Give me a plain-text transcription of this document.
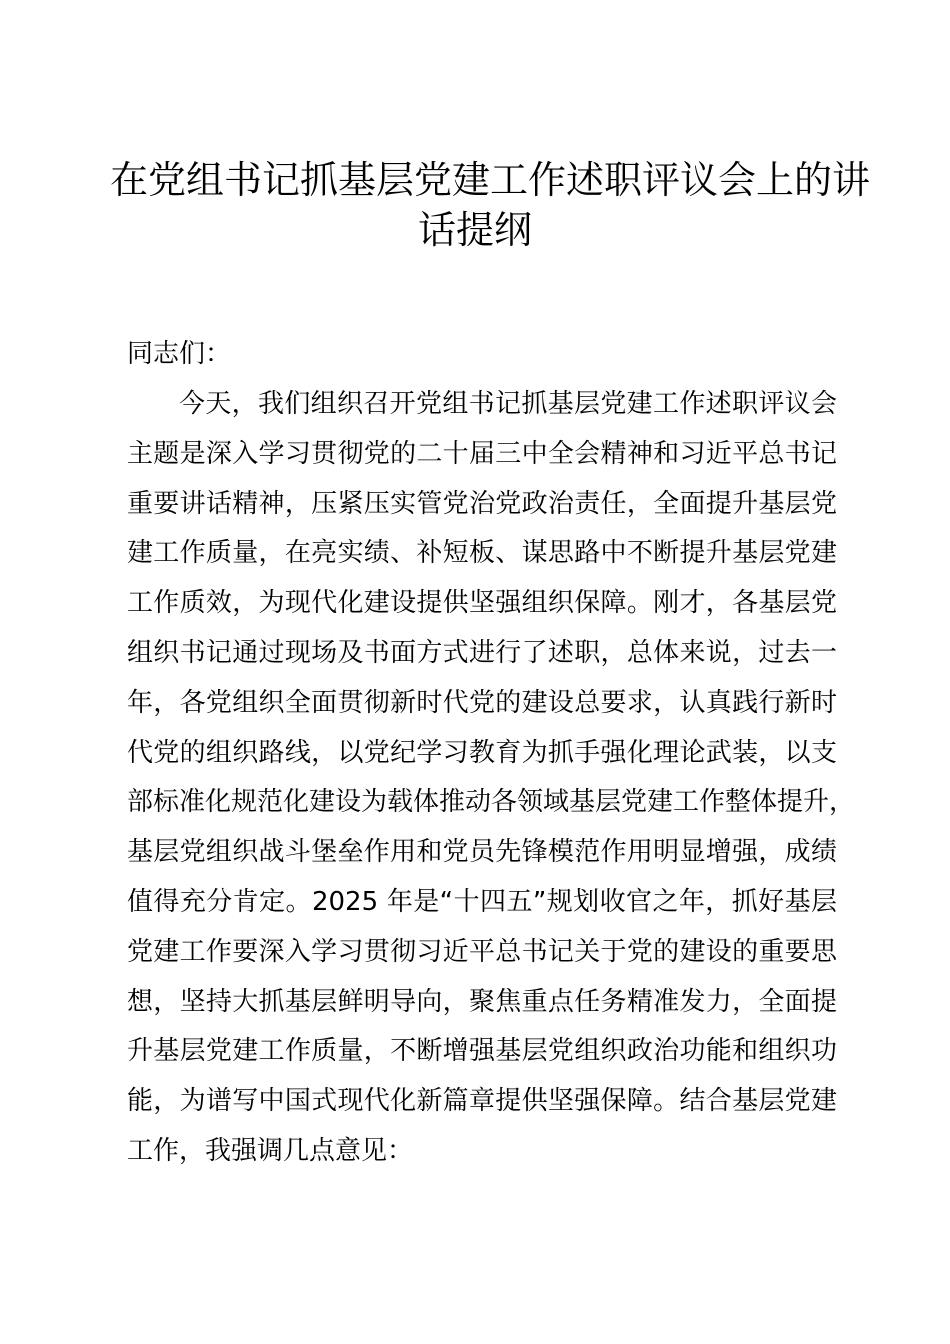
在党组书记抓基层党建工作述职评议会上的讲
话提纲

同志们：

今天，我们组织召开党组书记抓基层党建工作述职评议会
主题是深入学习贯彻党的二十届三中全会精神和习近平总书记
重要讲话精神，压紧压实管党治党政治责任，全面提升基层党
建工作质量，在亮实绩、补短板、谋思路中不断提升基层党建
工作质效，为现代化建设提供坚强组织保障。刚才，各基层党
组织书记通过现场及书面方式进行了述职，总体来说，过去一
年，各党组织全面贯彻新时代党的建设总要求，认真践行新时
代党的组织路线，以党纪学习教育为抓手强化理论武装，以支
部标准化规范化建设为载体推动各领域基层党建工作整体提升，
基层党组织战斗堡垒作用和党员先锋模范作用明显增强，成绩
值得充分肯定。2025 年是“十四五”规划收官之年，抓好基层
党建工作要深入学习贯彻习近平总书记关于党的建设的重要思
想，坚持大抓基层鲜明导向，聚焦重点任务精准发力，全面提
升基层党建工作质量，不断增强基层党组织政治功能和组织功
能，为谱写中国式现代化新篇章提供坚强保障。结合基层党建
工作，我强调几点意见：
